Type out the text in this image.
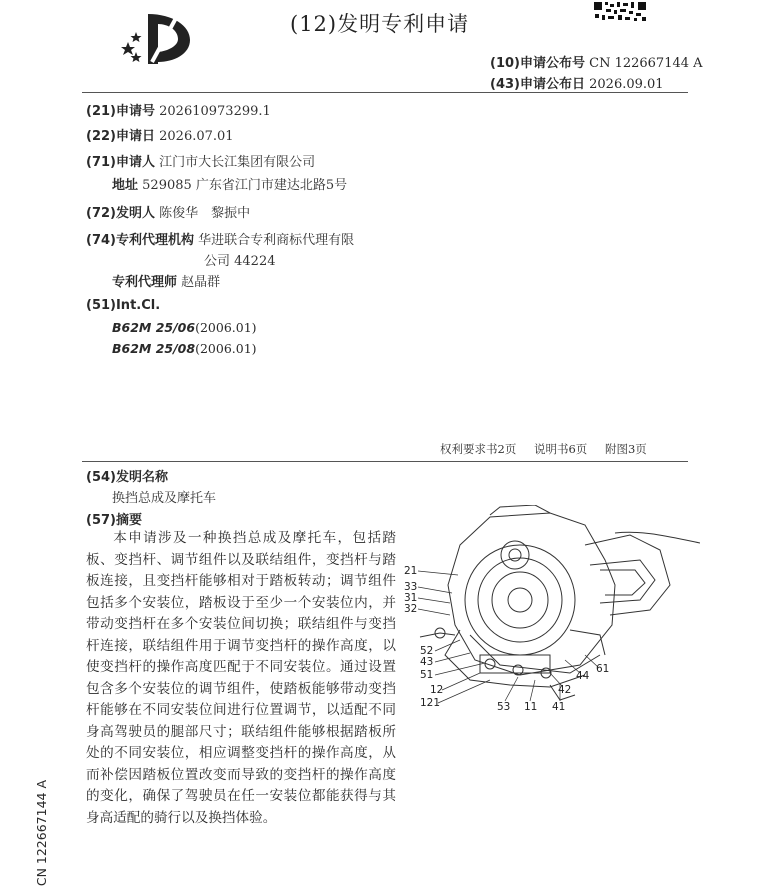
(12)发明专利申请
(10)申请公布号 CN 122667144 A
(43)申请公布日 2026.09.01
(21)申请号 202610973299.1
(22)申请日 2026.07.01
(71)申请人 江门市大长江集团有限公司
地址 529085 广东省江门市建达北路5号
(72)发明人 陈俊华　黎振中
(74)专利代理机构 华进联合专利商标代理有限
公司 44224
专利代理师 赵晶群
(51)Int.Cl.
B62M 25/06(2006.01)
B62M 25/08(2006.01)
权利要求书2页 说明书6页 附图3页
(54)发明名称
换挡总成及摩托车
(57)摘要
本申请涉及一种换挡总成及摩托车，包括踏板、变挡杆、调节组件以及联结组件，变挡杆与踏板连接，且变挡杆能够相对于踏板转动；调节组件包括多个安装位，踏板设于至少一个安装位内，并带动变挡杆在多个安装位间切换；联结组件与变挡杆连接，联结组件用于调节变挡杆的操作高度，以使变挡杆的操作高度匹配于不同安装位。通过设置包含多个安装位的调节组件，使踏板能够带动变挡杆能够在不同安装位间进行位置调节，以适配不同身高驾驶员的腿部尺寸；联结组件能够根据踏板所处的不同安装位，相应调整变挡杆的操作高度，从而补偿因踏板位置改变而导致的变挡杆的操作高度的变化，确保了驾驶员在任一安装位都能获得与其身高适配的骑行以及换挡体验。
CN 122667144 A
21
33
31
32
52
43
51
12
121	53 11 41
42
44
61
